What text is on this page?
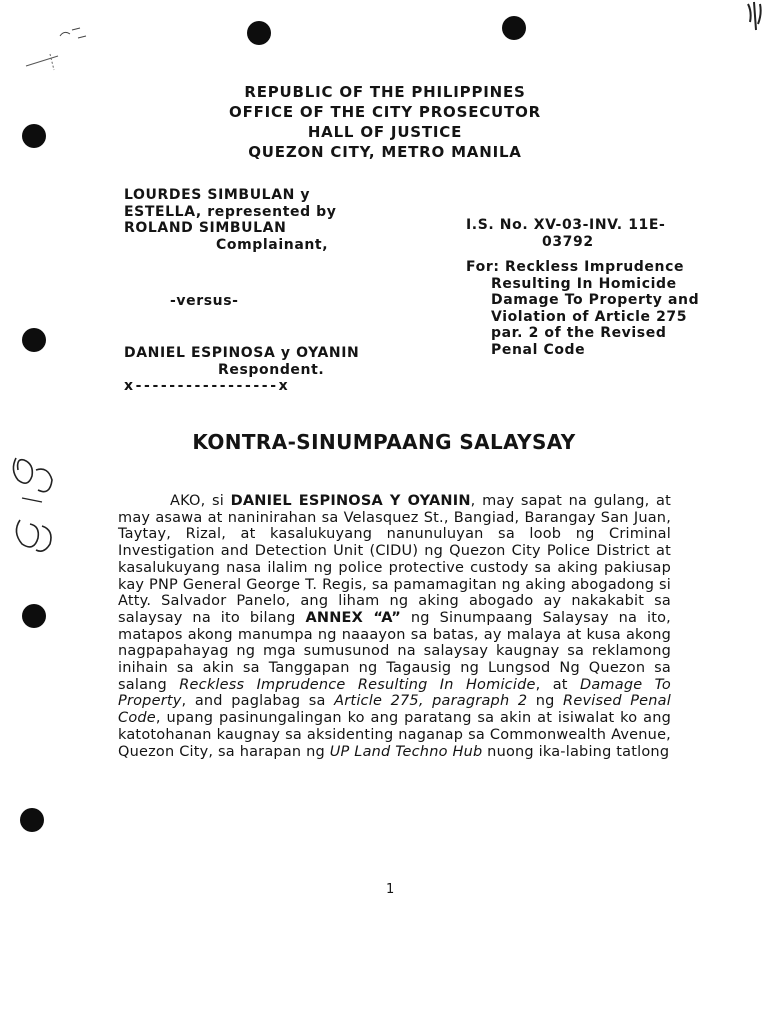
REPUBLIC OF THE PHILIPPINES
OFFICE OF THE CITY PROSECUTOR
HALL OF JUSTICE
QUEZON CITY, METRO MANILA
LOURDES SIMBULAN y
ESTELLA, represented by
ROLAND SIMBULAN
Complainant,
-versus-
DANIEL ESPINOSA y OYANIN
Respondent.
x-----------------x
I.S. No. XV-03-INV. 11E-
03792
For: Reckless Imprudence
Resulting In Homicide
Damage To Property and
Violation of Article 275
par. 2 of the Revised
Penal Code
KONTRA-SINUMPAANG SALAYSAY
AKO, si DANIEL ESPINOSA Y OYANIN, may sapat na gulang, at may asawa at naninirahan sa Velasquez St., Bangiad, Barangay San Juan, Taytay, Rizal, at kasalukuyang nanunuluyan sa loob ng Criminal Investigation and Detection Unit (CIDU) ng Quezon City Police District at kasalukuyang nasa ilalim ng police protective custody sa aking pakiusap kay PNP General George T. Regis, sa pamamagitan ng aking abogadong si Atty. Salvador Panelo, ang liham ng aking abogado ay nakakabit sa salaysay na ito bilang ANNEX “A” ng Sinumpaang Salaysay na ito, matapos akong manumpa ng naaayon sa batas, ay malaya at kusa akong nagpapahayag ng mga sumusunod na salaysay kaugnay sa reklamong inihain sa akin sa Tanggapan ng Tagausig ng Lungsod Ng Quezon sa salang Reckless Imprudence Resulting In Homicide, at Damage To Property, and paglabag sa Article 275, paragraph 2 ng Revised Penal Code, upang pasinungalingan ko ang paratang sa akin at isiwalat ko ang katotohanan kaugnay sa aksidenting naganap sa Commonwealth Avenue, Quezon City, sa harapan ng UP Land Techno Hub nuong ika-labing tatlong
1
